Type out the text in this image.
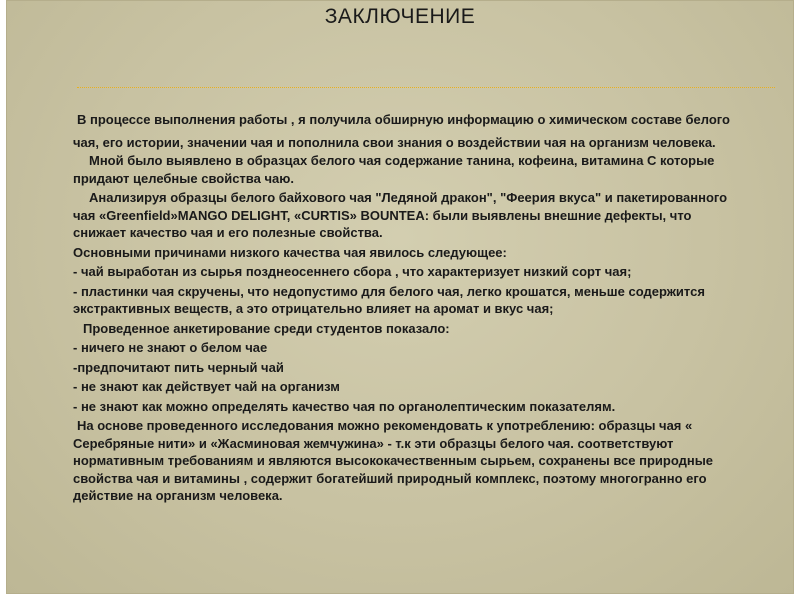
ЗАКЛЮЧЕНИЕ
В процессе выполнения работы , я получила обширную информацию о химическом составе белого чая, его истории, значении чая и пополнила свои знания о воздействии чая на организм человека.
Мной было выявлено в образцах белого чая содержание танина, кофеина, витамина С которые придают целебные свойства чаю.
Анализируя образцы белого байхового чая "Ледяной дракон", "Феерия вкуса" и пакетированного чая «Greenfield»MANGO DELIGHT, «CURTIS» BOUNTEA: были выявлены внешние дефекты, что снижает качество чая и его полезные свойства.
Основными причинами низкого качества чая явилось следующее:
- чай выработан из сырья позднеосеннего сбора , что характеризует низкий сорт чая;
- пластинки чая скручены, что недопустимо для белого чая, легко крошатся, меньше содержится экстрактивных веществ, а это отрицательно влияет на аромат и вкус чая;
Проведенное анкетирование среди студентов показало:
- ничего не знают о белом чае
-предпочитают пить черный чай
- не знают как действует чай на организм
- не знают как можно определять качество чая по органолептическим показателям.
На основе проведенного исследования можно рекомендовать к употреблению: образцы чая « Серебряные нити» и «Жасминовая жемчужина» - т.к эти образцы белого чая. соответствуют нормативным требованиям и являются высококачественным сырьем, сохранены все природные свойства чая и витамины , содержит богатейший природный комплекс, поэтому многогранно его действие на организм человека.
